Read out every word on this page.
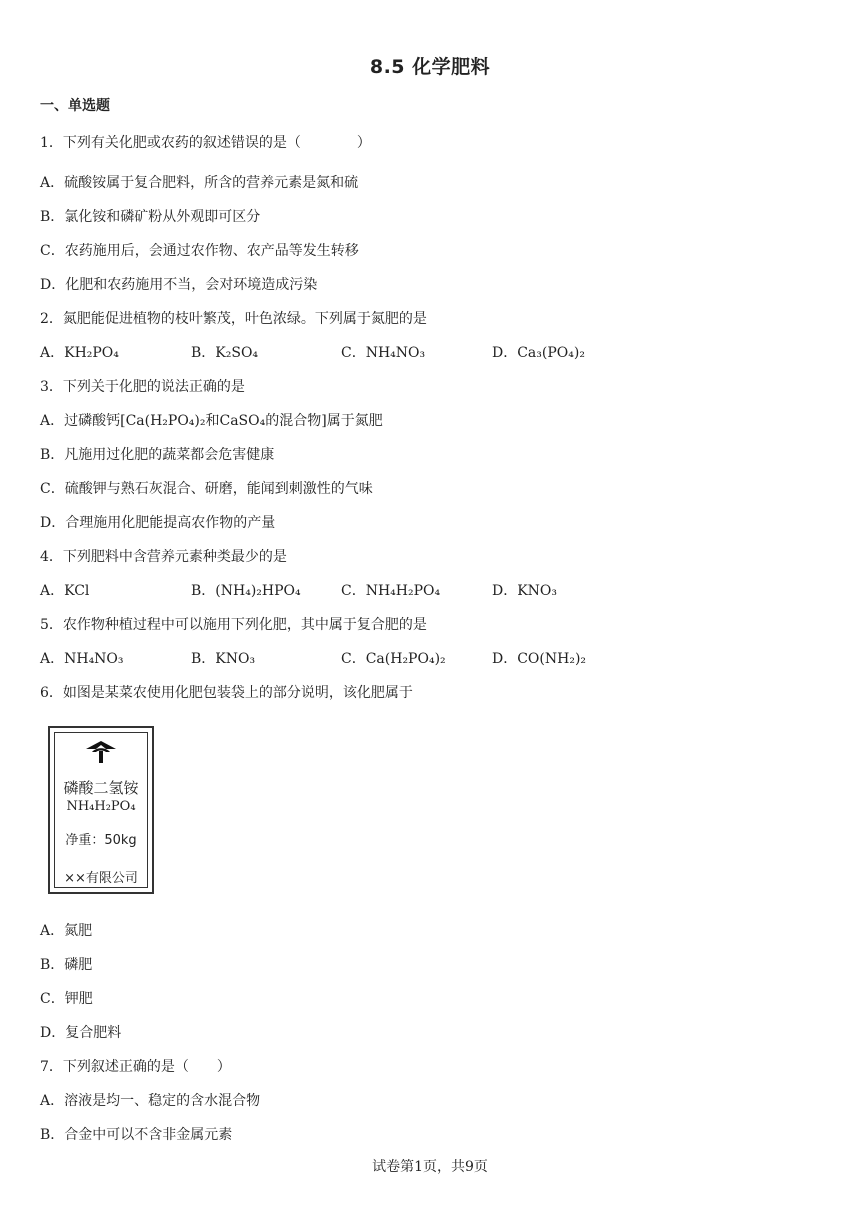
8.5 化学肥料
一、单选题
1．下列有关化肥或农药的叙述错误的是（　　　　）
A．硫酸铵属于复合肥料，所含的营养元素是氮和硫
B．氯化铵和磷矿粉从外观即可区分
C．农药施用后，会通过农作物、农产品等发生转移
D．化肥和农药施用不当，会对环境造成污染
2．氮肥能促进植物的枝叶繁茂，叶色浓绿。下列属于氮肥的是
A．KH₂PO₄	B．K₂SO₄	C．NH₄NO₃	D．Ca₃(PO₄)₂
3．下列关于化肥的说法正确的是
A．过磷酸钙[Ca(H₂PO₄)₂和CaSO₄的混合物]属于氮肥
B．凡施用过化肥的蔬菜都会危害健康
C．硫酸钾与熟石灰混合、研磨，能闻到刺激性的气味
D．合理施用化肥能提高农作物的产量
4．下列肥料中含营养元素种类最少的是
A．KCl	B．(NH₄)₂HPO₄	C．NH₄H₂PO₄	D．KNO₃
5．农作物种植过程中可以施用下列化肥，其中属于复合肥的是
A．NH₄NO₃	B．KNO₃	C．Ca(H₂PO₄)₂	D．CO(NH₂)₂
6．如图是某菜农使用化肥包装袋上的部分说明，该化肥属于
磷酸二氢铵
NH₄H₂PO₄
净重：50kg
××有限公司
A．氮肥
B．磷肥
C．钾肥
D．复合肥料
7．下列叙述正确的是（　　）
A．溶液是均一、稳定的含水混合物
B．合金中可以不含非金属元素
试卷第1页，共9页
